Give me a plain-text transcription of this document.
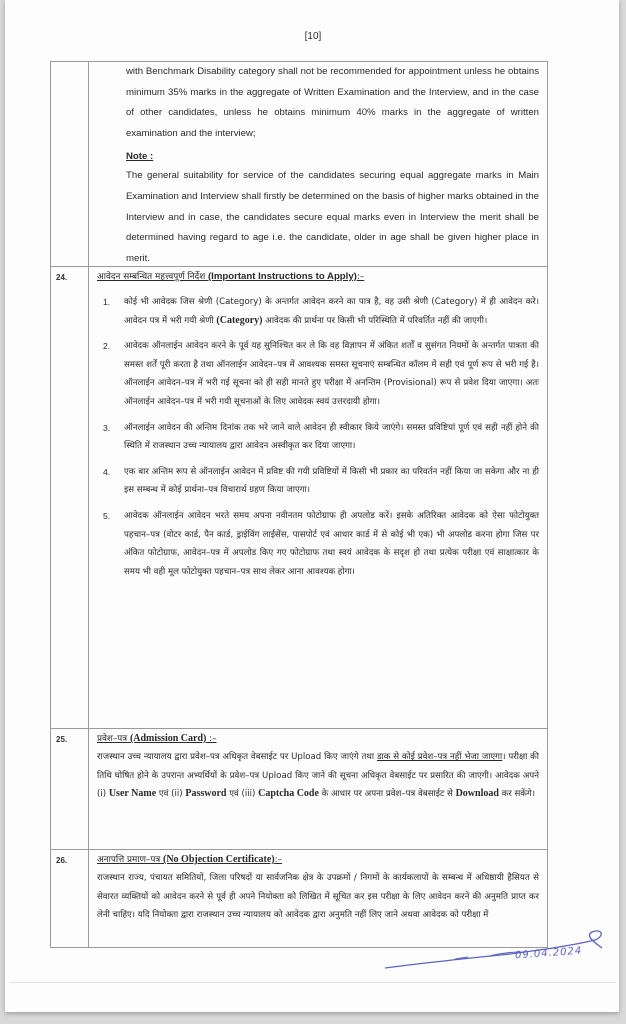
[10]
with Benchmark Disability category shall not be recommended for appointment unless he obtains minimum 35% marks in the aggregate of Written Examination and the Interview, and in the case of other candidates, unless he obtains minimum 40% marks in the aggregate of written examination and the interview;
Note :
The general suitability for service of the candidates securing equal aggregate marks in Main Examination and Interview shall firstly be determined on the basis of higher marks obtained in the Interview and in case, the candidates secure equal marks even in Interview the merit shall be determined having regard to age i.e. the candidate, older in age shall be given higher place in merit.
24.	आवेदन सम्बन्धित महत्त्वपूर्ण निर्देश (Important Instructions to Apply):–
1. कोई भी आवेदक जिस श्रेणी (Category) के अन्तर्गत आवेदन करने का पात्र है, वह उसी श्रेणी (Category) में ही आवेदन करे। आवेदन पत्र में भरी गयी श्रेणी (Category) आवेदक की प्रार्थना पर किसी भी परिस्थिति में परिवर्तित नहीं की जाएगी।
2. आवेदक ऑनलाईन आवेदन करने के पूर्व यह सुनिश्चित कर ले कि वह विज्ञापन में अंकित शर्तों व सुसंगत नियमों के अन्तर्गत पात्रता की समस्त शर्तें पूरी करता है तथा ऑनलाईन आवेदन–पत्र में आवश्यक समस्त सूचनाएं सम्बन्धित कॉलम में सही एवं पूर्ण रूप से भरी गई है। ऑनलाईन आवेदन–पत्र में भरी गई सूचना को ही सही मानते हुए परीक्षा में अनन्तिम (Provisional) रूप से प्रवेश दिया जाएगा। अतः ऑनलाईन आवेदन–पत्र में भरी गयी सूचनाओं के लिए आवेदक स्वयं उत्तरदायी होगा।
3. ऑनलाईन आवेदन की अन्तिम दिनांक तक भरे जाने वाले आवेदन ही स्वीकार किये जाएंगे। समस्त प्रविष्टियां पूर्ण एवं सही नहीं होने की स्थिति में राजस्थान उच्च न्यायालय द्वारा आवेदन अस्वीकृत कर दिया जाएगा।
4. एक बार अन्तिम रूप से ऑनलाईन आवेदन में प्रविष्ट की गयी प्रविष्टियों में किसी भी प्रकार का परिवर्तन नहीं किया जा सकेगा और ना ही इस सम्बन्ध में कोई प्रार्थना–पत्र विचारार्थ ग्रहण किया जाएगा।
5. आवेदक ऑनलाईन आवेदन भरते समय अपना नवीनतम फोटोग्राफ ही अपलोड करें। इसके अतिरिक्त आवेदक को ऐसा फोटोयुक्त पहचान–पत्र (वोटर कार्ड, पैन कार्ड, ड्राईविंग लाईसेंस, पासपोर्ट एवं आधार कार्ड में से कोई भी एक) भी अपलोड करना होगा जिस पर अंकित फोटोग्राफ, आवेदन–पत्र में अपलोड किए गए फोटोग्राफ तथा स्वयं आवेदक के सदृश हो तथा प्रत्येक परीक्षा एवं साक्षात्कार के समय भी वही मूल फोटोयुक्त पहचान–पत्र साथ लेकर आना आवश्यक होगा।
25.	प्रवेश–पत्र (Admission Card) :–
राजस्थान उच्च न्यायालय द्वारा प्रवेश–पत्र अधिकृत वेबसाईट पर Upload किए जाएंगे तथा डाक से कोई प्रवेश–पत्र नहीं भेजा जाएगा। परीक्षा की तिथि घोषित होने के उपरान्त अभ्यर्थियों के प्रवेश–पत्र Upload किए जाने की सूचना अधिकृत वेबसाईट पर प्रसारित की जाएगी। आवेदक अपने (i) User Name एवं (ii) Password एवं (iii) Captcha Code के आधार पर अपना प्रवेश–पत्र वेबसाईट से Download कर सकेंगे।
26.	अनापत्ति प्रमाण–पत्र (No Objection Certificate):–
राजस्थान राज्य, पंचायत समितियों, जिला परिषदों या सार्वजनिक क्षेत्र के उपक्रमों / निगमों के कार्यकलापों के सम्बन्ध में अधिष्ठायी हैसियत से सेवारत व्यक्तियों को आवेदन करने से पूर्व ही अपने नियोक्ता को लिखित में सूचित कर इस परीक्षा के लिए आवेदन करने की अनुमति प्राप्त कर लेनी चाहिए। यदि नियोक्ता द्वारा राजस्थान उच्च न्यायालय को आवेदक द्वारा अनुमति नहीं लिए जाने अथवा आवेदक को परीक्षा में
09.04.2024
